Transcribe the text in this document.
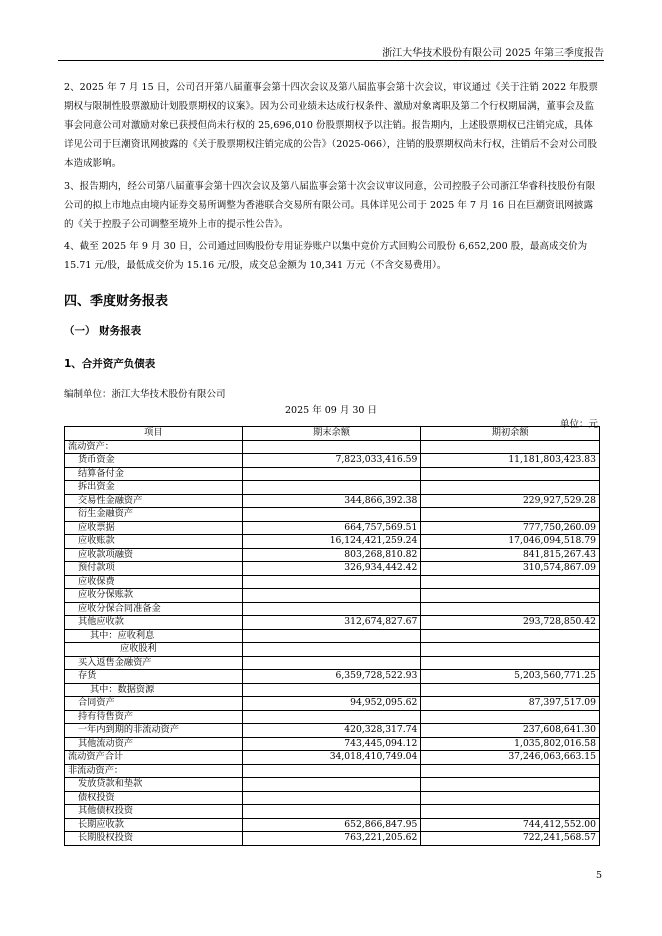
浙江大华技术股份有限公司 2025 年第三季度报告
2、2025 年 7 月 15 日，公司召开第八届董事会第十四次会议及第八届监事会第十次会议，审议通过《关于注销 2022 年股票期权与限制性股票激励计划股票期权的议案》。因为公司业绩未达成行权条件、激励对象离职及第二个行权期届满，董事会及监事会同意公司对激励对象已获授但尚未行权的 25,696,010 份股票期权予以注销。报告期内，上述股票期权已注销完成，具体详见公司于巨潮资讯网披露的《关于股票期权注销完成的公告》（2025-066），注销的股票期权尚未行权，注销后不会对公司股本造成影响。
3、报告期内，经公司第八届董事会第十四次会议及第八届监事会第十次会议审议同意，公司控股子公司浙江华睿科技股份有限公司的拟上市地点由境内证券交易所调整为香港联合交易所有限公司。具体详见公司于 2025 年 7 月 16 日在巨潮资讯网披露的《关于控股子公司调整至境外上市的提示性公告》。
4、截至 2025 年 9 月 30 日，公司通过回购股份专用证券账户以集中竞价方式回购公司股份 6,652,200 股，最高成交价为 15.71 元/股，最低成交价为 15.16 元/股，成交总金额为 10,341 万元（不含交易费用）。
四、季度财务报表
（一） 财务报表
1、合并资产负债表
编制单位：浙江大华技术股份有限公司
2025 年 09 月 30 日
单位：元
项目	期末余额	期初余额
流动资产：		
货币资金	7,823,033,416.59	11,181,803,423.83
结算备付金		
拆出资金		
交易性金融资产	344,866,392.38	229,927,529.28
衍生金融资产		
应收票据	664,757,569.51	777,750,260.09
应收账款	16,124,421,259.24	17,046,094,518.79
应收款项融资	803,268,810.82	841,815,267.43
预付款项	326,934,442.42	310,574,867.09
应收保费		
应收分保账款		
应收分保合同准备金		
其他应收款	312,674,827.67	293,728,850.42
其中：应收利息		
应收股利		
买入返售金融资产		
存货	6,359,728,522.93	5,203,560,771.25
其中：数据资源		
合同资产	94,952,095.62	87,397,517.09
持有待售资产		
一年内到期的非流动资产	420,328,317.74	237,608,641.30
其他流动资产	743,445,094.12	1,035,802,016.58
流动资产合计	34,018,410,749.04	37,246,063,663.15
非流动资产：		
发放贷款和垫款		
债权投资		
其他债权投资		
长期应收款	652,866,847.95	744,412,552.00
长期股权投资	763,221,205.62	722,241,568.57
5
